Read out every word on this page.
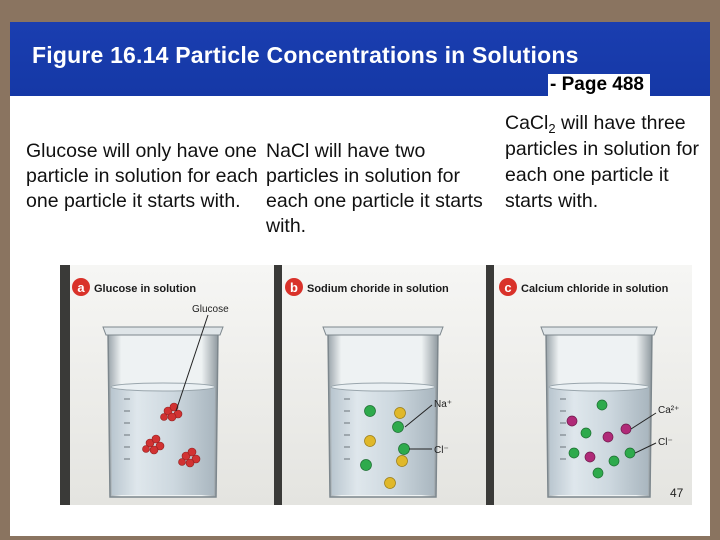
Figure 16.14 Particle Concentrations in Solutions
- Page 488
Glucose will only have one particle in solution for each one particle it starts with.
NaCl will have two particles in solution for each one particle it starts with.
CaCl$_2$ will have three particles in solution for each one particle it starts with.
a Glucose in solution
Glucose
b Sodium choride in solution
Na⁺
Cl⁻
c Calcium chloride in solution
Ca²⁺
Cl⁻
47
